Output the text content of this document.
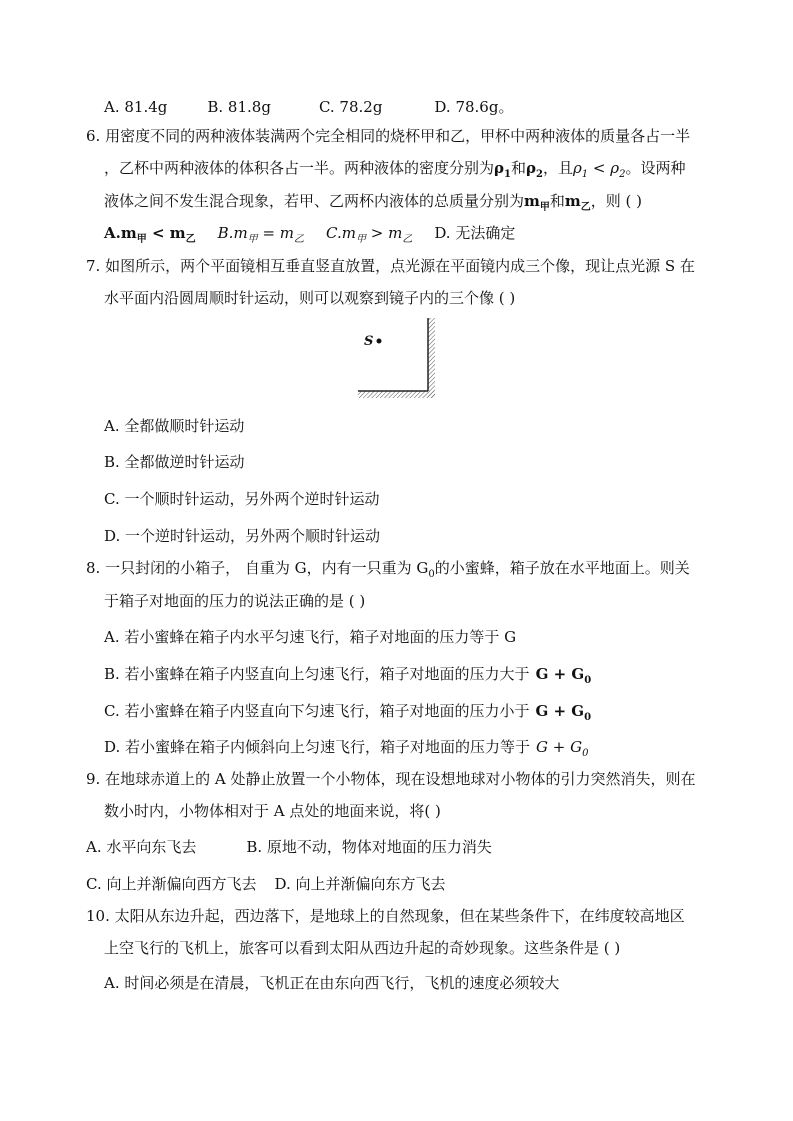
A. 81.4g	B. 81.8g	C. 78.2g	D. 78.6g。
6. 用密度不同的两种液体装满两个完全相同的烧杯甲和乙，甲杯中两种液体的质量各占一半
，乙杯中两种液体的体积各占一半。两种液体的密度分别为$\rho_1$和$\rho_2$，且$\rho_1 < \rho_2$。设两种
液体之间不发生混合现象，若甲、乙两杯内液体的总质量分别为$m_甲$和$m_乙$，则 ( )
$A.m_甲 < m_乙$ $B.m_甲 = m_乙$ $C.m_甲 > m_乙$ D. 无法确定
7. 如图所示，两个平面镜相互垂直竖直放置，点光源在平面镜内成三个像，现让点光源 S 在
水平面内沿圆周顺时针运动，则可以观察到镜子内的三个像 ( )
S
A. 全都做顺时针运动
B. 全都做逆时针运动
C. 一个顺时针运动，另外两个逆时针运动
D. 一个逆时针运动，另外两个顺时针运动
8. 一只封闭的小箱子， 自重为 G，内有一只重为 $G_0$的小蜜蜂，箱子放在水平地面上。则关
于箱子对地面的压力的说法正确的是 ( )
A. 若小蜜蜂在箱子内水平匀速飞行，箱子对地面的压力等于 G
B. 若小蜜蜂在箱子内竖直向上匀速飞行，箱子对地面的压力大于 $G + G_0$
C. 若小蜜蜂在箱子内竖直向下匀速飞行，箱子对地面的压力小于 $G + G_0$
D. 若小蜜蜂在箱子内倾斜向上匀速飞行，箱子对地面的压力等于 $G + G_0$
9. 在地球赤道上的 A 处静止放置一个小物体，现在设想地球对小物体的引力突然消失，则在
数小时内，小物体相对于 A 点处的地面来说，将( )
A. 水平向东飞去	B. 原地不动，物体对地面的压力消失
C. 向上并渐偏向西方飞去 D. 向上并渐偏向东方飞去
10. 太阳从东边升起，西边落下，是地球上的自然现象，但在某些条件下，在纬度较高地区
上空飞行的飞机上，旅客可以看到太阳从西边升起的奇妙现象。这些条件是 ( )
A. 时间必须是在清晨，飞机正在由东向西飞行，飞机的速度必须较大
